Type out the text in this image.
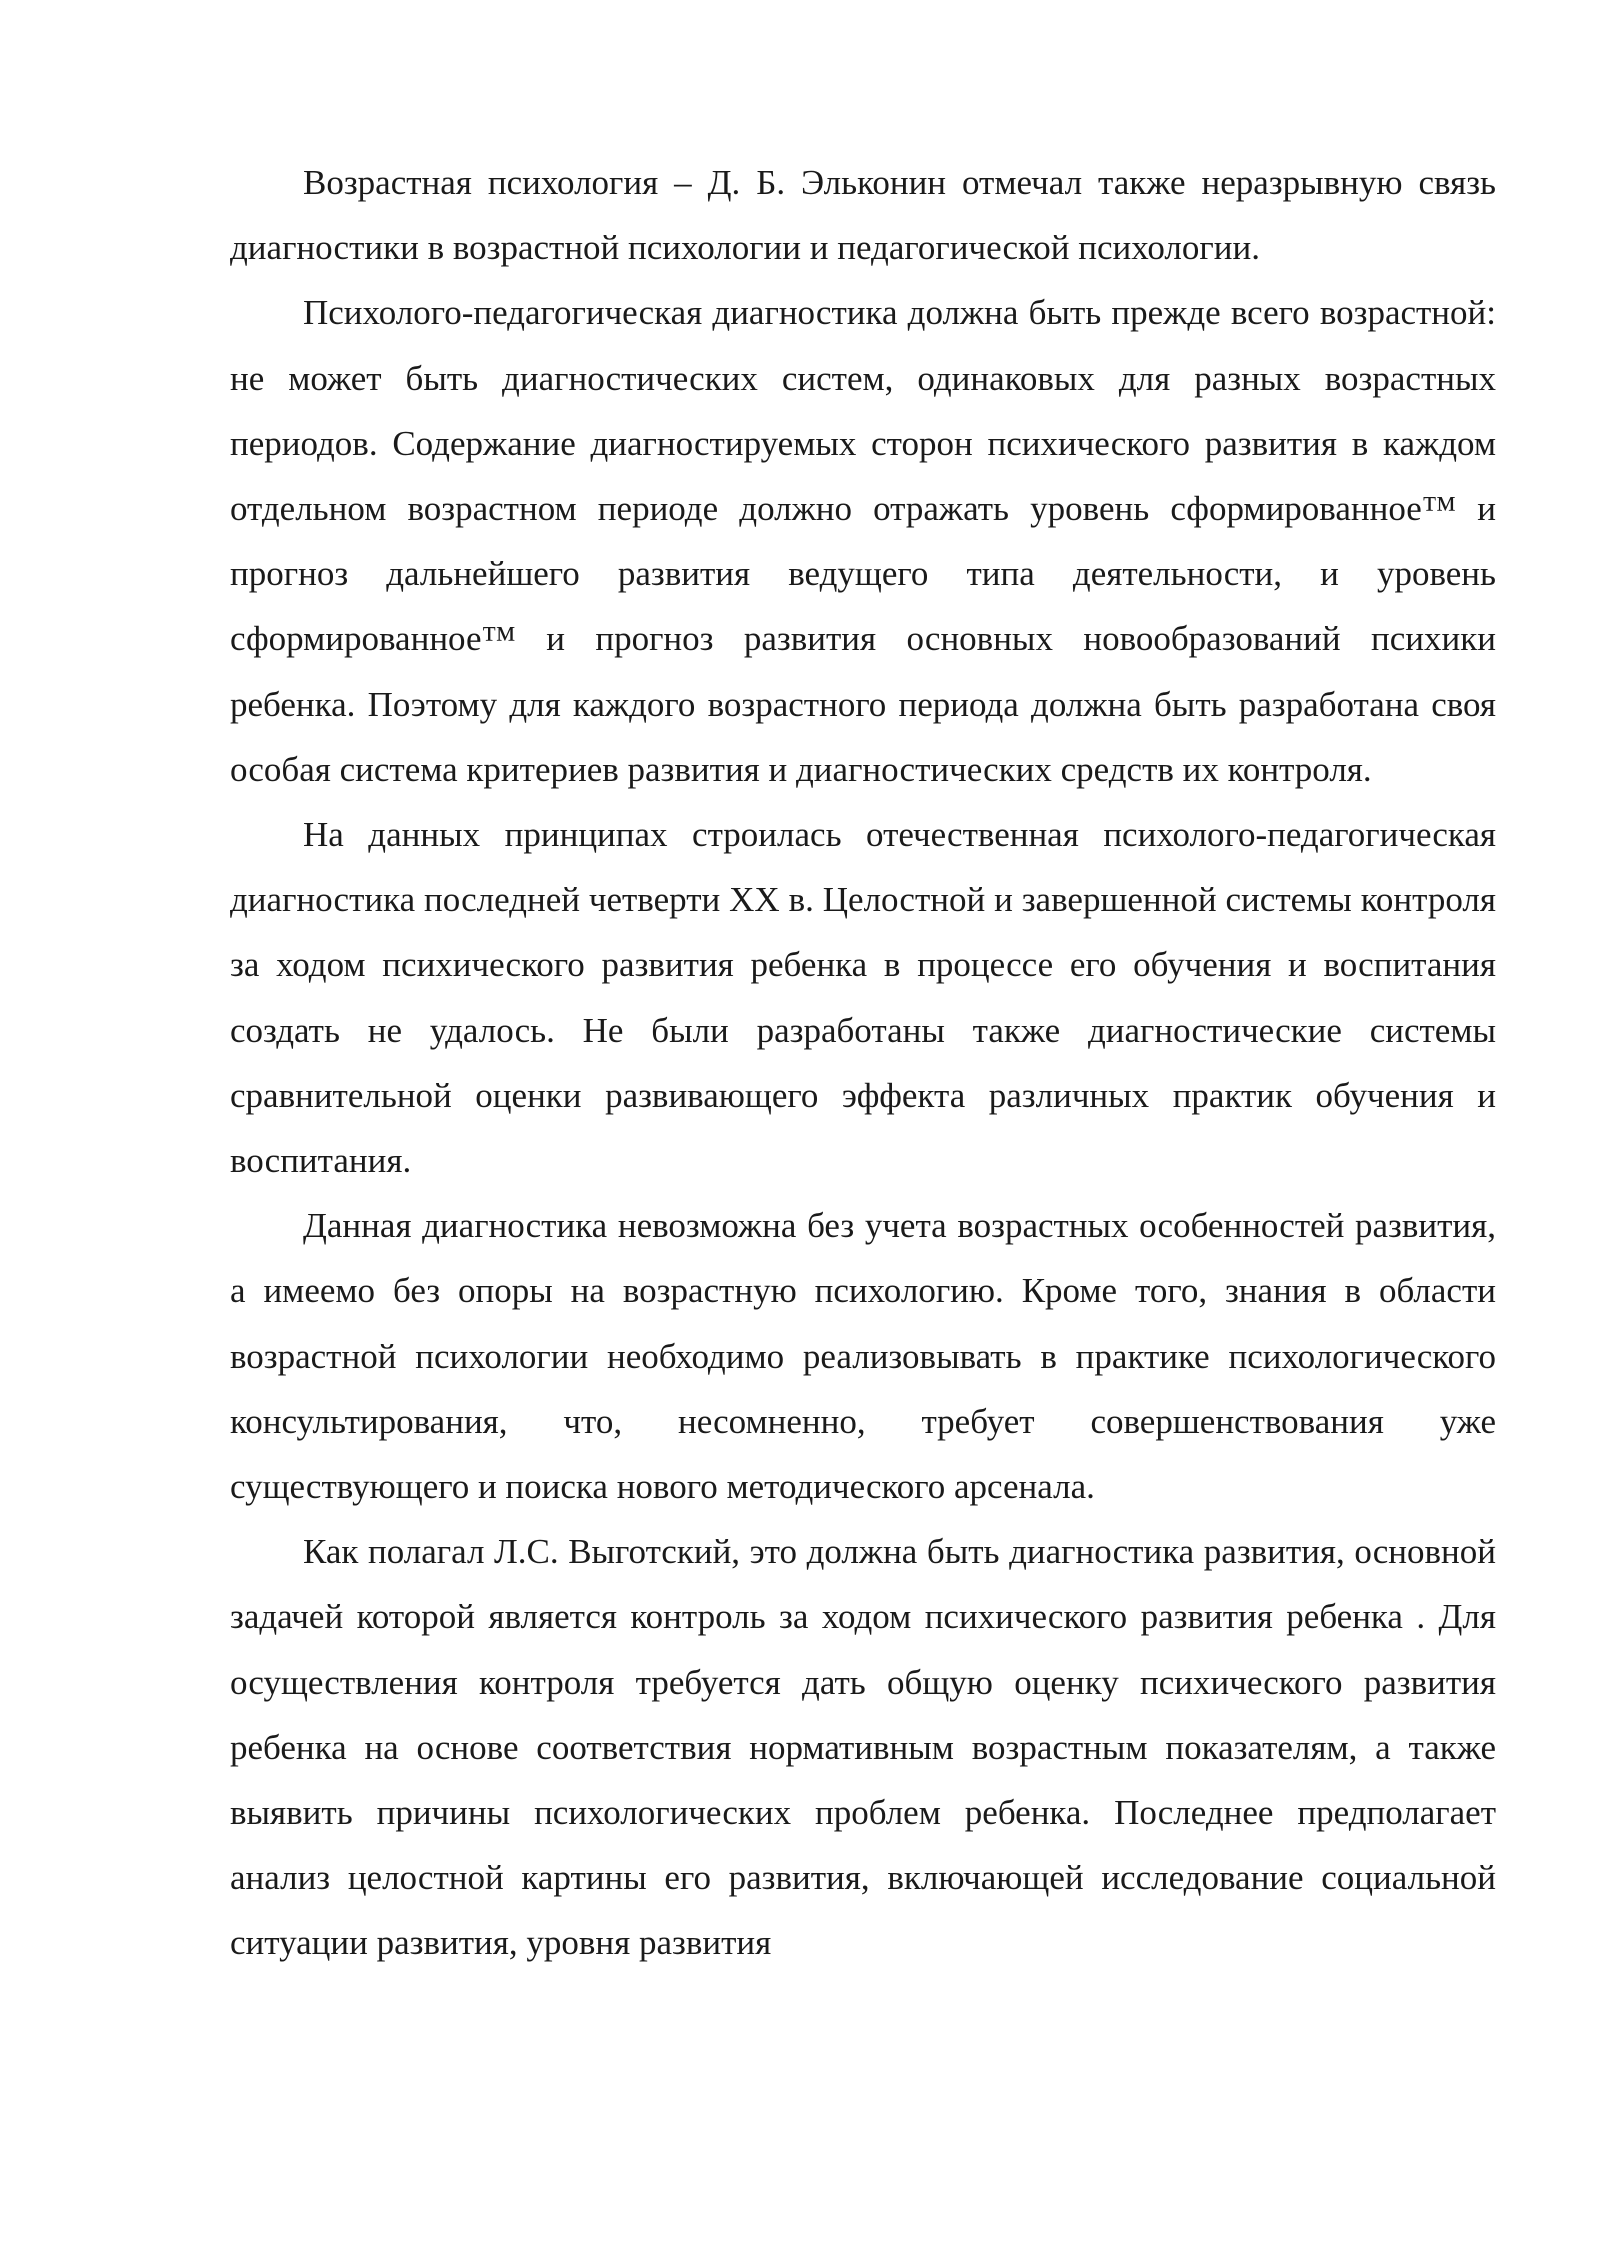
Возрастная психология – Д. Б. Эльконин отмечал также неразрывную связь диагностики в возрастной психологии и педагогической психологии.

Психолого-педагогическая диагностика должна быть прежде всего возрастной: не может быть диагностических систем, одинаковых для разных возрастных периодов. Содержание диагностируемых сторон психического развития в каждом отдельном возрастном периоде должно отражать уровень сформированное™ и прогноз дальнейшего развития ведущего типа деятельности, и уровень сформированное™ и прогноз развития основных новообразований психики ребенка. Поэтому для каждого возрастного периода должна быть разработана своя особая система критериев развития и диагностических средств их контроля.

На данных принципах строилась отечественная психолого-педагогическая диагностика последней четверти XX в. Целостной и завершенной системы контроля за ходом психического развития ребенка в процессе его обучения и воспитания создать не удалось. Не были разработаны также диагностические системы сравнительной оценки развивающего эффекта различных практик обучения и воспитания.

Данная диагностика невозможна без учета возрастных особенностей развития, а имеемо без опоры на возрастную психологию. Кроме того, знания в области возрастной психологии необходимо реализовывать в практике психологического консультирования, что, несомненно, требует совершенствования уже существующего и поиска нового методического арсенала.

Как полагал Л.С. Выготский, это должна быть диагностика развития, основной задачей которой является контроль за ходом психического развития ребенка . Для осуществления контроля требуется дать общую оценку психического развития ребенка на основе соответствия нормативным возрастным показателям, а также выявить причины психологических проблем ребенка. Последнее предполагает анализ целостной картины его развития, включающей исследование социальной ситуации развития, уровня развития
